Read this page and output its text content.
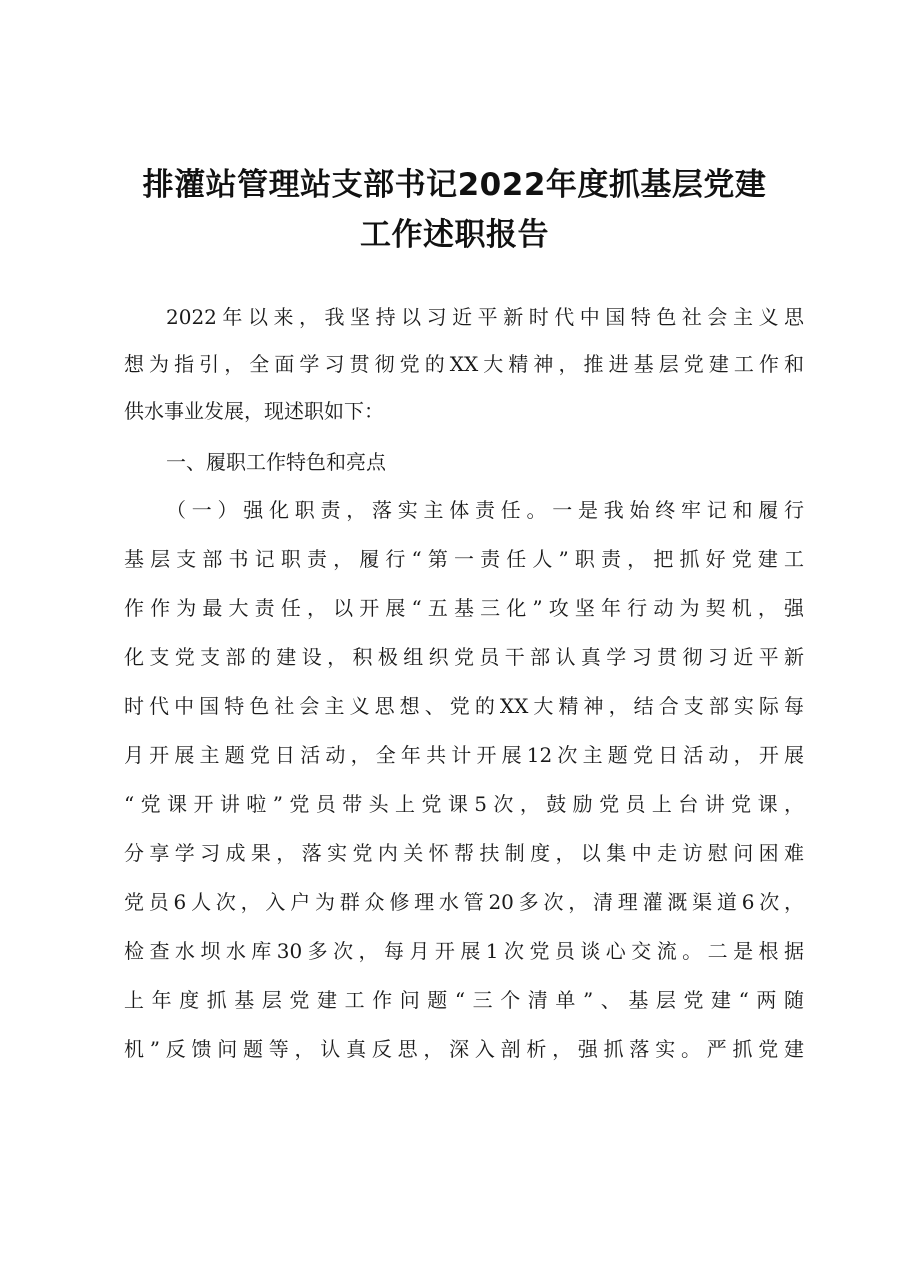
排灌站管理站支部书记2022年度抓基层党建
工作述职报告
2022年以来，我坚持以习近平新时代中国特色社会主义思
想为指引，全面学习贯彻党的XX大精神，推进基层党建工作和
供水事业发展，现述职如下：
一、履职工作特色和亮点
（一）强化职责，落实主体责任。一是我始终牢记和履行
基层支部书记职责，履行“第一责任人”职责，把抓好党建工
作作为最大责任，以开展“五基三化”攻坚年行动为契机，强
化支党支部的建设，积极组织党员干部认真学习贯彻习近平新
时代中国特色社会主义思想、党的XX大精神，结合支部实际每
月开展主题党日活动，全年共计开展12次主题党日活动，开展
“党课开讲啦”党员带头上党课5次，鼓励党员上台讲党课，
分享学习成果，落实党内关怀帮扶制度，以集中走访慰问困难
党员6人次，入户为群众修理水管20多次，清理灌溉渠道6次，
检查水坝水库30多次，每月开展1次党员谈心交流。二是根据
上年度抓基层党建工作问题“三个清单”、基层党建“两随
机”反馈问题等，认真反思，深入剖析，强抓落实。严抓党建
